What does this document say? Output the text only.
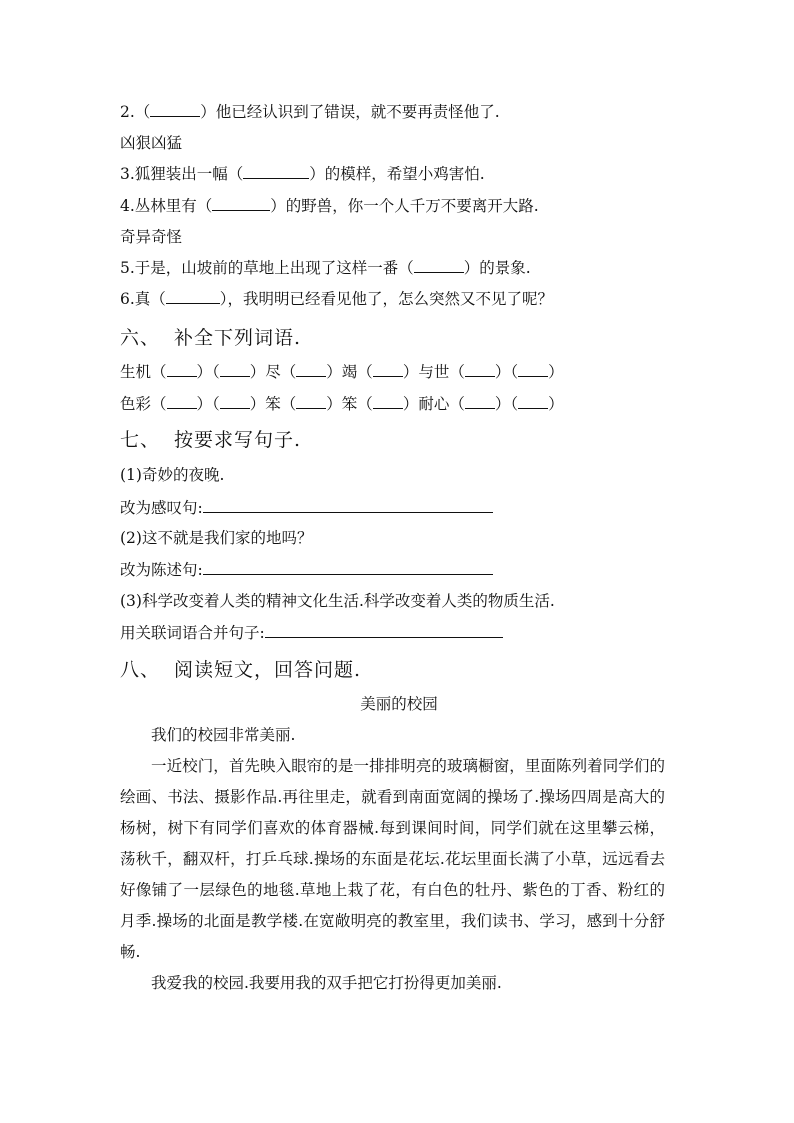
2.（	）他已经认识到了错误，就不要再责怪他了.
凶狠凶猛
3.狐狸装出一幅（	）的模样，希望小鸡害怕.
4.丛林里有（	）的野兽，你一个人千万不要离开大路.
奇异奇怪
5.于是，山坡前的草地上出现了这样一番（	）的景象.
6.真（	），我明明已经看见他了，怎么突然又不见了呢？
六、 补全下列词语.
生机（ ）（ ）尽（ ）竭（ ）与世（ ）（ ）
色彩（ ）（ ）笨（ ）笨（ ）耐心（ ）（ ）
七、 按要求写句子.
(1)奇妙的夜晚.
改为感叹句:
(2)这不就是我们家的地吗？
改为陈述句:
(3)科学改变着人类的精神文化生活.科学改变着人类的物质生活.
用关联词语合并句子:
八、 阅读短文，回答问题.
美丽的校园

我们的校园非常美丽.

一近校门，首先映入眼帘的是一排排明亮的玻璃橱窗，里面陈列着同学们的绘画、书法、摄影作品.再往里走，就看到南面宽阔的操场了.操场四周是高大的杨树，树下有同学们喜欢的体育器械.每到课间时间，同学们就在这里攀云梯，荡秋千，翻双杆，打乒乓球.操场的东面是花坛.花坛里面长满了小草，远远看去好像铺了一层绿色的地毯.草地上栽了花，有白色的牡丹、紫色的丁香、粉红的月季.操场的北面是教学楼.在宽敞明亮的教室里，我们读书、学习，感到十分舒畅.

我爱我的校园.我要用我的双手把它打扮得更加美丽.
